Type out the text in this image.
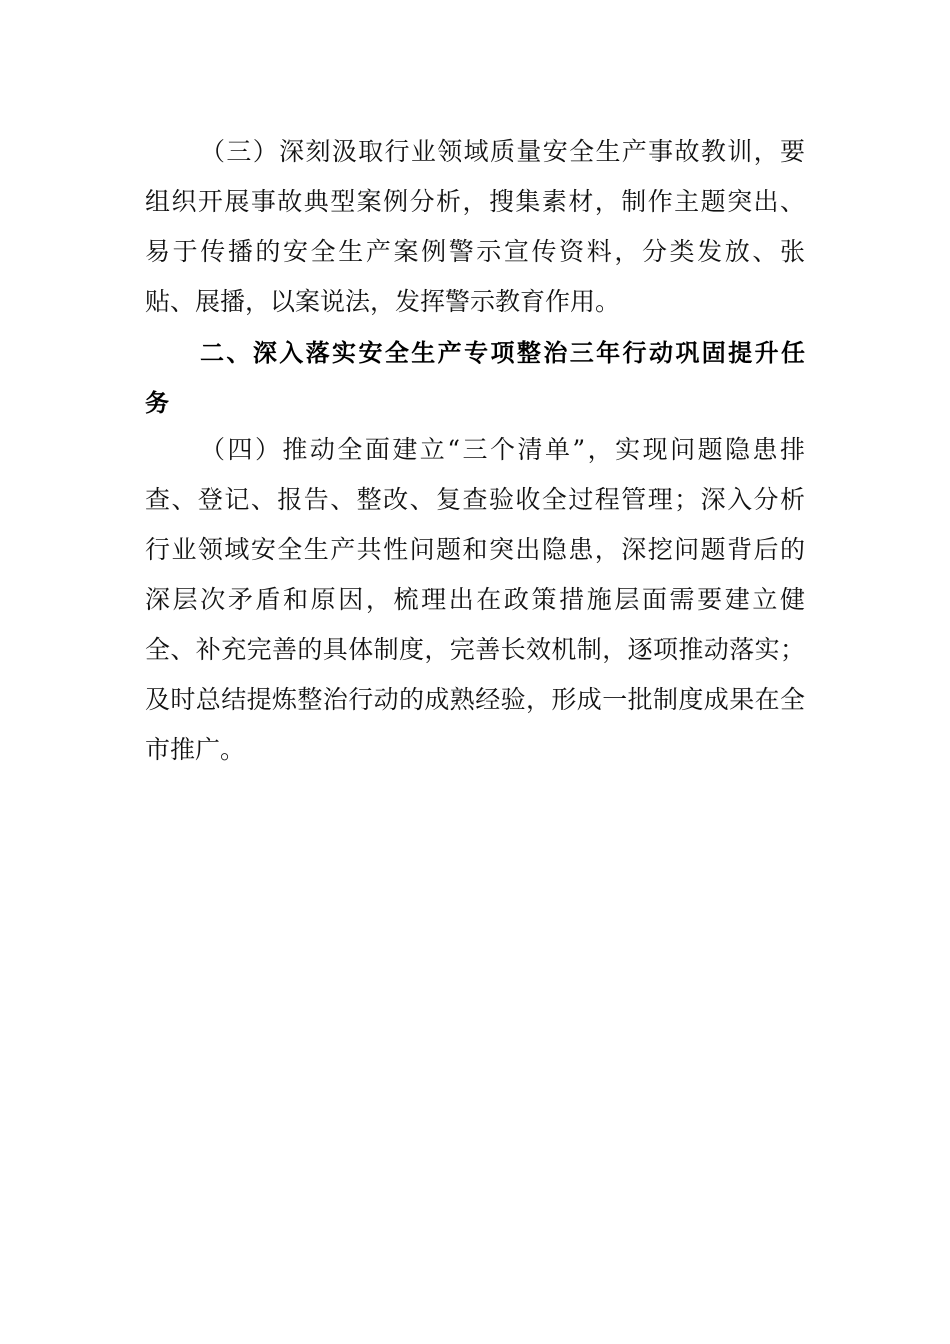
（三）深刻汲取行业领域质量安全生产事故教训，要
组织开展事故典型案例分析，搜集素材，制作主题突出、
易于传播的安全生产案例警示宣传资料，分类发放、张
贴、展播，以案说法，发挥警示教育作用。
二、深入落实安全生产专项整治三年行动巩固提升任
务
（四）推动全面建立“三个清单”，实现问题隐患排
查、登记、报告、整改、复查验收全过程管理；深入分析
行业领域安全生产共性问题和突出隐患，深挖问题背后的
深层次矛盾和原因，梳理出在政策措施层面需要建立健
全、补充完善的具体制度，完善长效机制，逐项推动落实；
及时总结提炼整治行动的成熟经验，形成一批制度成果在全
市推广。
